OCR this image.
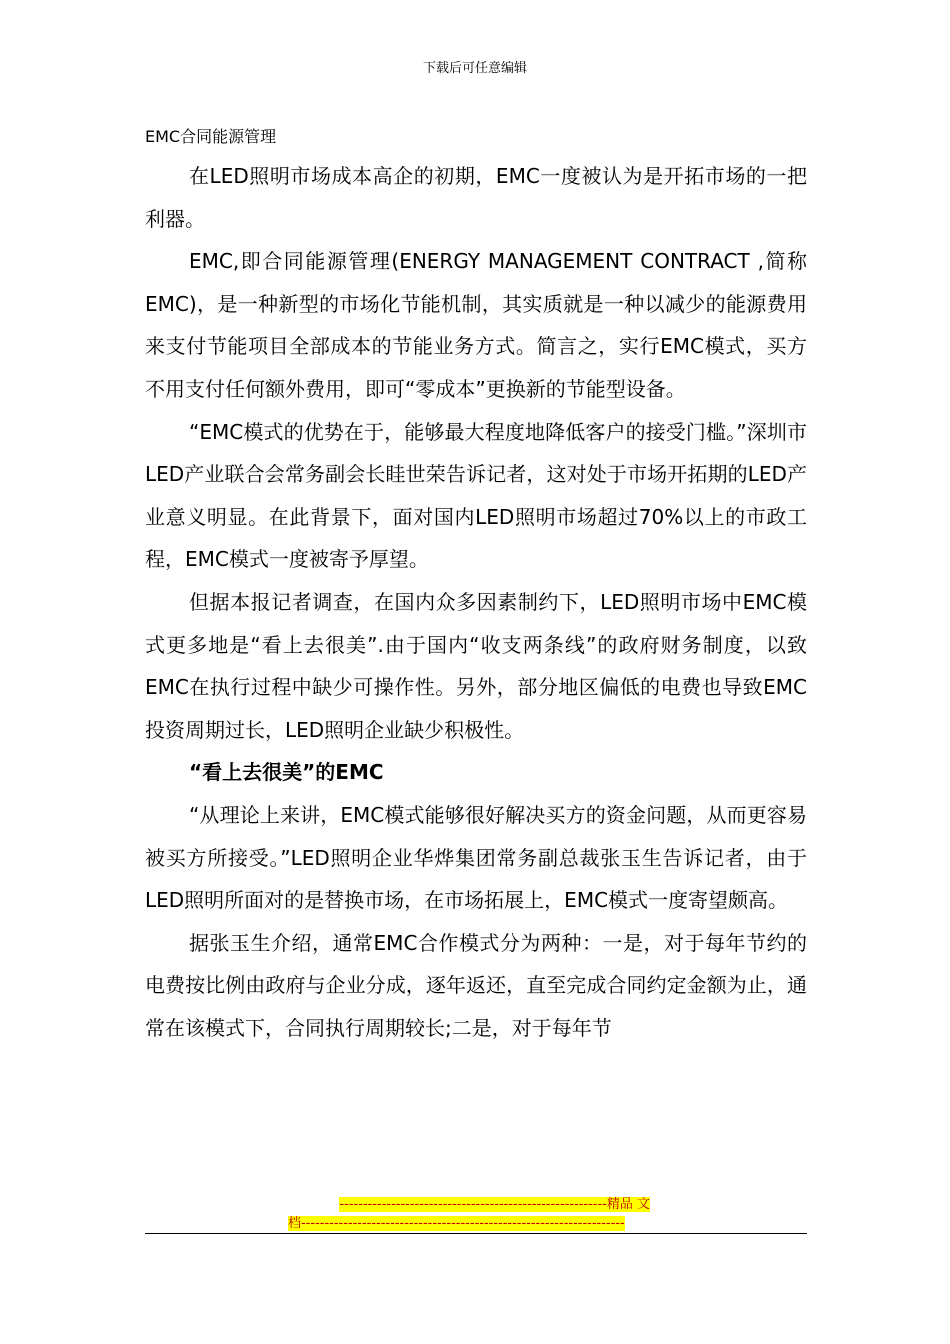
下载后可任意编辑
EMC合同能源管理

在LED照明市场成本高企的初期，EMC一度被认为是开拓市场的一把利器。

EMC,即合同能源管理(ENERGY MANAGEMENT CONTRACT ,简称EMC)，是一种新型的市场化节能机制，其实质就是一种以减少的能源费用来支付节能项目全部成本的节能业务方式。简言之，实行EMC模式，买方不用支付任何额外费用，即可“零成本”更换新的节能型设备。

“EMC模式的优势在于，能够最大程度地降低客户的接受门槛。”深圳市LED产业联合会常务副会长眭世荣告诉记者，这对处于市场开拓期的LED产业意义明显。在此背景下，面对国内LED照明市场超过70%以上的市政工程，EMC模式一度被寄予厚望。

但据本报记者调查，在国内众多因素制约下，LED照明市场中EMC模式更多地是“看上去很美”.由于国内“收支两条线”的政府财务制度，以致EMC在执行过程中缺少可操作性。另外，部分地区偏低的电费也导致EMC投资周期过长，LED照明企业缺少积极性。

“看上去很美”的EMC

“从理论上来讲，EMC模式能够很好解决买方的资金问题，从而更容易被买方所接受。”LED照明企业华烨集团常务副总裁张玉生告诉记者，由于LED照明所面对的是替换市场，在市场拓展上，EMC模式一度寄望颇高。

据张玉生介绍，通常EMC合作模式分为两种：一是，对于每年节约的电费按比例由政府与企业分成，逐年返还，直至完成合同约定金额为止，通常在该模式下，合同执行周期较长;二是，对于每年节

---------------------------------------------------------精品 文
档---------------------------------------------------------------------
